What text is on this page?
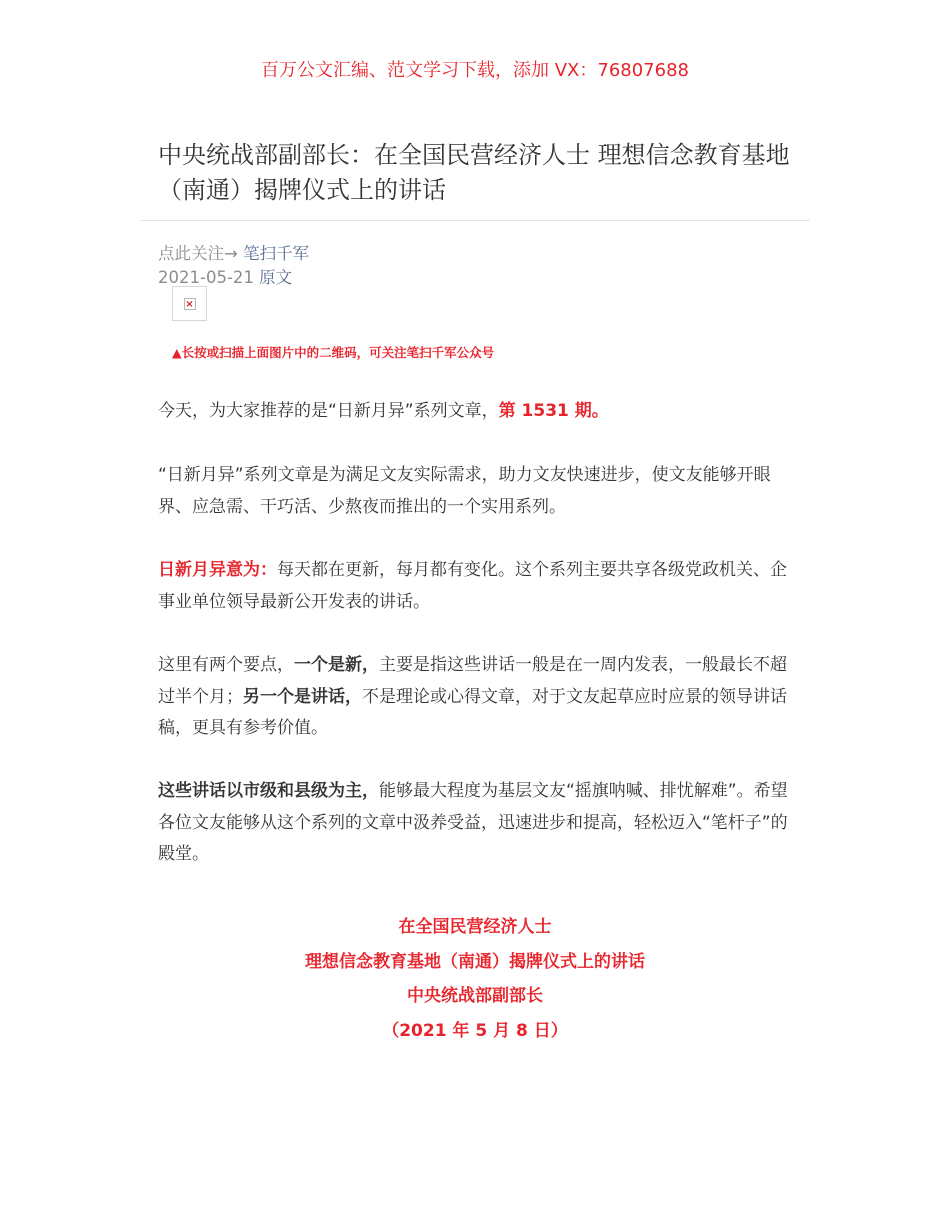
百万公文汇编、范文学习下载，添加 VX：76807688
中央统战部副部长：在全国民营经济人士 理想信念教育基地（南通）揭牌仪式上的讲话
点此关注→ 笔扫千军
2021-05-21 原文
×
▲长按或扫描上面图片中的二维码，可关注笔扫千军公众号
今天，为大家推荐的是“日新月异”系列文章，第 1531 期。
“日新月异”系列文章是为满足文友实际需求，助力文友快速进步，使文友能够开眼界、应急需、干巧活、少熬夜而推出的一个实用系列。
日新月异意为：每天都在更新，每月都有变化。这个系列主要共享各级党政机关、企事业单位领导最新公开发表的讲话。
这里有两个要点，一个是新，主要是指这些讲话一般是在一周内发表，一般最长不超过半个月；另一个是讲话，不是理论或心得文章，对于文友起草应时应景的领导讲话稿，更具有参考价值。
这些讲话以市级和县级为主，能够最大程度为基层文友“摇旗呐喊、排忧解难”。希望各位文友能够从这个系列的文章中汲养受益，迅速进步和提高，轻松迈入“笔杆子”的殿堂。
在全国民营经济人士
理想信念教育基地（南通）揭牌仪式上的讲话
中央统战部副部长
（2021 年 5 月 8 日）
